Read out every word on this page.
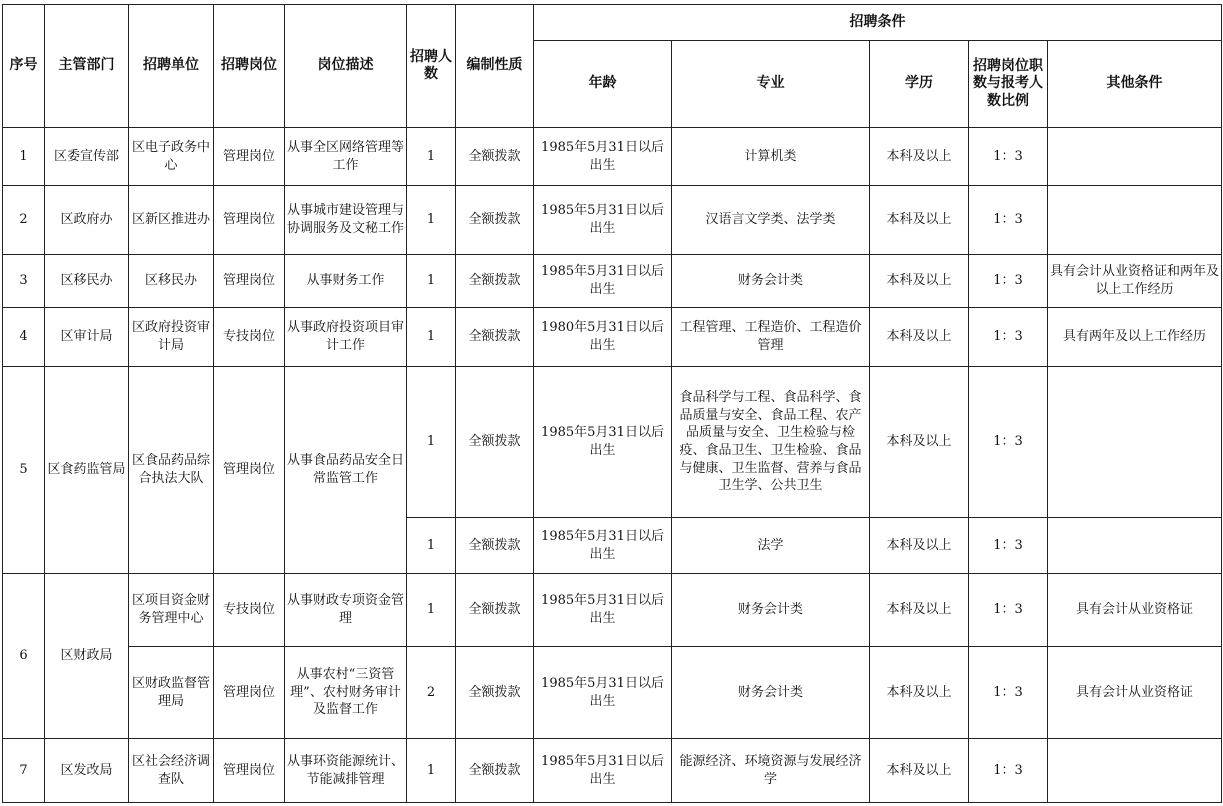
序号	主管部门	招聘单位	招聘岗位	岗位描述	招聘人数	编制性质	招聘条件				
							年龄	专业	学历	招聘岗位职数与报考人数比例	其他条件
1	区委宣传部	区电子政务中心	管理岗位	从事全区网络管理等工作	1	全额拨款	1985年5月31日以后出生	计算机类	本科及以上	1：3	
2	区政府办	区新区推进办	管理岗位	从事城市建设管理与协调服务及文秘工作	1	全额拨款	1985年5月31日以后出生	汉语言文学类、法学类	本科及以上	1：3	
3	区移民办	区移民办	管理岗位	从事财务工作	1	全额拨款	1985年5月31日以后出生	财务会计类	本科及以上	1：3	具有会计从业资格证和两年及以上工作经历
4	区审计局	区政府投资审计局	专技岗位	从事政府投资项目审计工作	1	全额拨款	1980年5月31日以后出生	工程管理、工程造价、工程造价管理	本科及以上	1：3	具有两年及以上工作经历
5	区食药监管局	区食品药品综合执法大队	管理岗位	从事食品药品安全日常监管工作	1	全额拨款	1985年5月31日以后出生	食品科学与工程、食品科学、食品质量与安全、食品工程、农产品质量与安全、卫生检验与检疫、食品卫生、卫生检验、食品与健康、卫生监督、营养与食品卫生学、公共卫生	本科及以上	1：3	
					1	全额拨款	1985年5月31日以后出生	法学	本科及以上	1：3	
6	区财政局	区项目资金财务管理中心	专技岗位	从事财政专项资金管理	1	全额拨款	1985年5月31日以后出生	财务会计类	本科及以上	1：3	具有会计从业资格证
		区财政监督管理局	管理岗位	从事农村“三资管理”、农村财务审计及监督工作	2	全额拨款	1985年5月31日以后出生	财务会计类	本科及以上	1：3	具有会计从业资格证
7	区发改局	区社会经济调查队	管理岗位	从事环资能源统计、节能减排管理	1	全额拨款	1985年5月31日以后出生	能源经济、环境资源与发展经济学	本科及以上	1：3	
